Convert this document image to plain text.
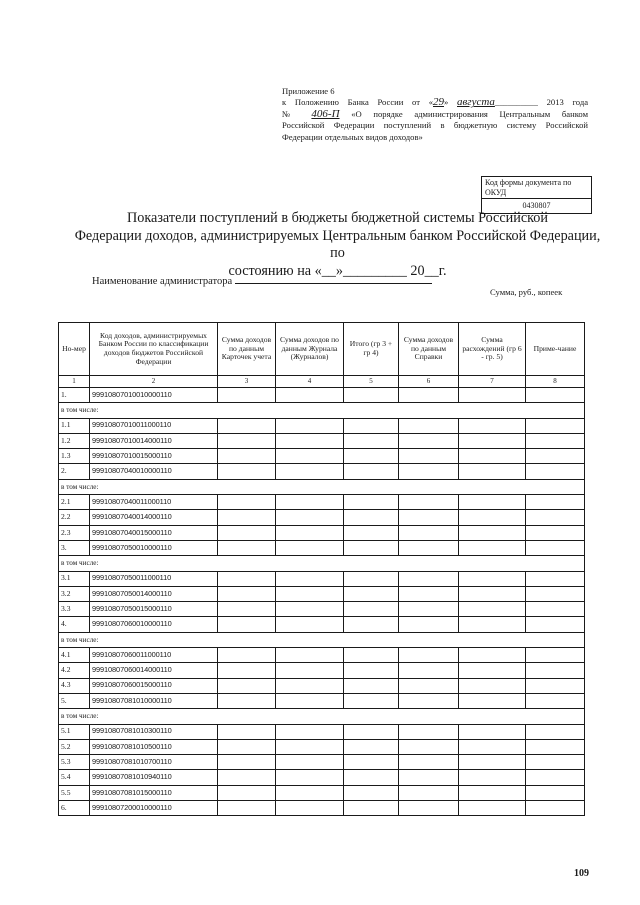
Приложение 6
к Положению Банка России от «29» августа__________ 2013 года
№ 406-П «О порядке администрирования Центральным банком
Российской Федерации поступлений в бюджетную систему Российской
Федерации отдельных видов доходов»
Код формы документа по ОКУД
0430807
Показатели поступлений в бюджеты бюджетной системы Российской
Федерации доходов, администрируемых Центральным банком Российской Федерации, по
состоянию на «__»_________ 20__г.
Наименование администратора
Сумма, руб., копеек
Но-мер	Код доходов, администрируемых Банком России по классификации доходов бюджетов Российской Федерации	Сумма доходов по данным Карточек учета	Сумма доходов по данным Журнала (Журналов)	Итого (гр 3 + гр 4)	Сумма доходов по данным Справки	Сумма расхождений (гр 6 - гр. 5)	Приме-чание
1	2	3	4	5	6	7	8
1.	99910807010010000110						
в том числе:							
1.1	99910807010011000110						
1.2	99910807010014000110						
1.3	99910807010015000110						
2.	99910807040010000110						
в том числе:							
2.1	99910807040011000110						
2.2	99910807040014000110						
2.3	99910807040015000110						
3.	99910807050010000110						
в том числе:							
3.1	99910807050011000110						
3.2	99910807050014000110						
3.3	99910807050015000110						
4.	99910807060010000110						
в том числе:							
4.1	99910807060011000110						
4.2	99910807060014000110						
4.3	99910807060015000110						
5.	99910807081010000110						
в том числе:							
5.1	99910807081010300110						
5.2	99910807081010500110						
5.3	99910807081010700110						
5.4	99910807081010940110						
5.5	99910807081015000110						
6.	99910807200010000110						
109
